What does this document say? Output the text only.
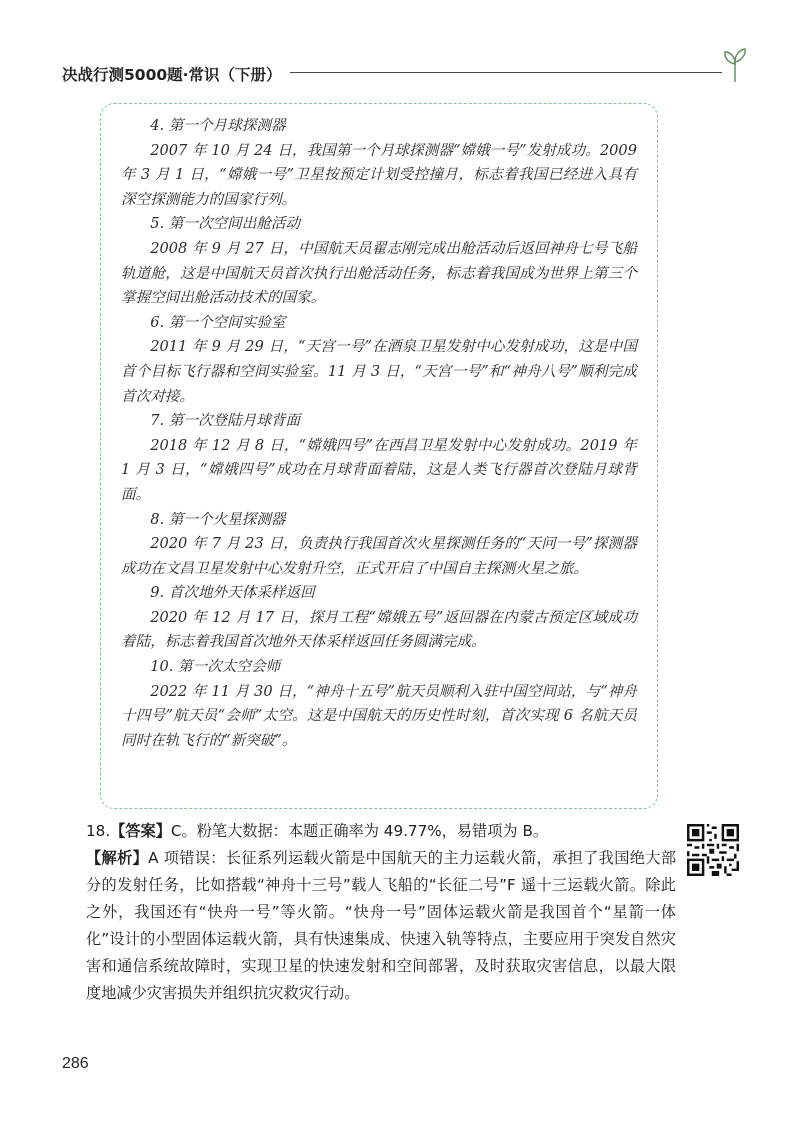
决战行测5000题·常识（下册）

4. 第一个月球探测器

2007 年 10 月 24 日，我国第一个月球探测器“嫦娥一号”发射成功。2009 年 3 月 1 日，“嫦娥一号”卫星按预定计划受控撞月，标志着我国已经进入具有深空探测能力的国家行列。

5. 第一次空间出舱活动

2008 年 9 月 27 日，中国航天员翟志刚完成出舱活动后返回神舟七号飞船轨道舱，这是中国航天员首次执行出舱活动任务，标志着我国成为世界上第三个掌握空间出舱活动技术的国家。

6. 第一个空间实验室

2011 年 9 月 29 日，“天宫一号”在酒泉卫星发射中心发射成功，这是中国首个目标飞行器和空间实验室。11 月 3 日，“天宫一号”和“神舟八号”顺利完成首次对接。

7. 第一次登陆月球背面

2018 年 12 月 8 日，“嫦娥四号”在西昌卫星发射中心发射成功。2019 年 1 月 3 日，“嫦娥四号”成功在月球背面着陆，这是人类飞行器首次登陆月球背面。

8. 第一个火星探测器

2020 年 7 月 23 日，负责执行我国首次火星探测任务的“天问一号”探测器成功在文昌卫星发射中心发射升空，正式开启了中国自主探测火星之旅。

9. 首次地外天体采样返回

2020 年 12 月 17 日，探月工程“嫦娥五号”返回器在内蒙古预定区域成功着陆，标志着我国首次地外天体采样返回任务圆满完成。

10. 第一次太空会师

2022 年 11 月 30 日，“神舟十五号”航天员顺利入驻中国空间站，与“神舟十四号”航天员“会师”太空。这是中国航天的历史性时刻，首次实现 6 名航天员同时在轨飞行的“新突破”。

18.【答案】C。粉笔大数据：本题正确率为 49.77%，易错项为 B。

【解析】A 项错误：长征系列运载火箭是中国航天的主力运载火箭，承担了我国绝大部分的发射任务，比如搭载“神舟十三号”载人飞船的“长征二号”F 遥十三运载火箭。除此之外，我国还有“快舟一号”等火箭。“快舟一号”固体运载火箭是我国首个“星箭一体化”设计的小型固体运载火箭，具有快速集成、快速入轨等特点，主要应用于突发自然灾害和通信系统故障时，实现卫星的快速发射和空间部署，及时获取灾害信息，以最大限度地减少灾害损失并组织抗灾救灾行动。

286
